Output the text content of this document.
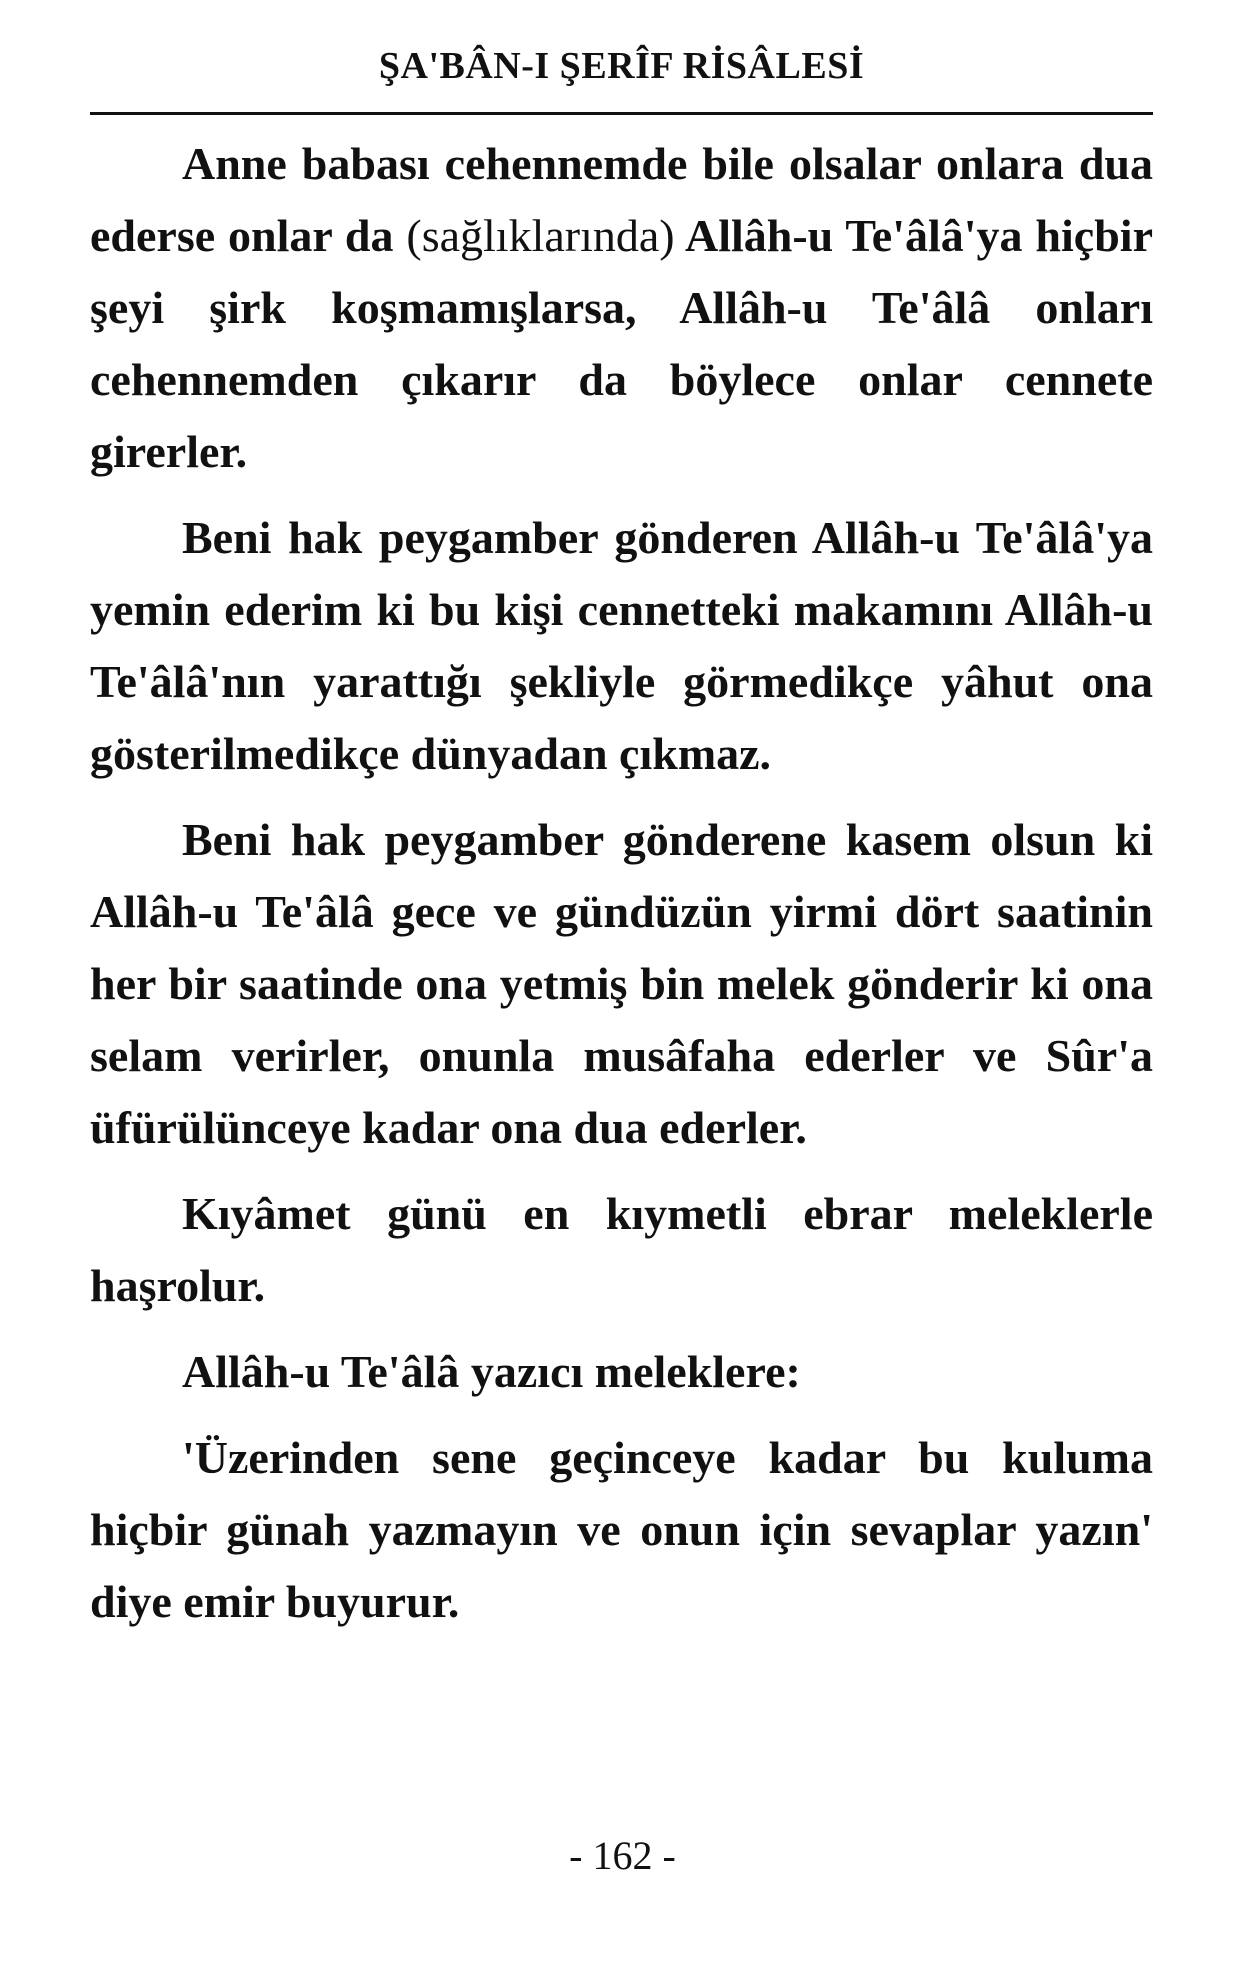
ŞA'BÂN-I ŞERÎF RİSÂLESİ

Anne babası cehennemde bile olsalar onlara dua ederse onlar da (sağlıklarında) Allâh-u Te'âlâ'ya hiçbir şeyi şirk koşmamışlarsa, Allâh-u Te'âlâ onları cehennemden çıkarır da böylece onlar cennete girerler.

Beni hak peygamber gönderen Allâh-u Te'âlâ'ya yemin ederim ki bu kişi cennetteki makamını Allâh-u Te'âlâ'nın yarattığı şekliyle görmedikçe yâhut ona gösterilmedikçe dünyadan çıkmaz.

Beni hak peygamber gönderene kasem olsun ki Allâh-u Te'âlâ gece ve gündüzün yirmi dört saatinin her bir saatinde ona yetmiş bin melek gönderir ki ona selam verirler, onunla musâfaha ederler ve Sûr'a üfürülünceye kadar ona dua ederler.

Kıyâmet günü en kıymetli ebrar meleklerle haşrolur.

Allâh-u Te'âlâ yazıcı meleklere:

'Üzerinden sene geçinceye kadar bu kuluma hiçbir günah yazmayın ve onun için sevaplar yazın' diye emir buyurur.

- 162 -
